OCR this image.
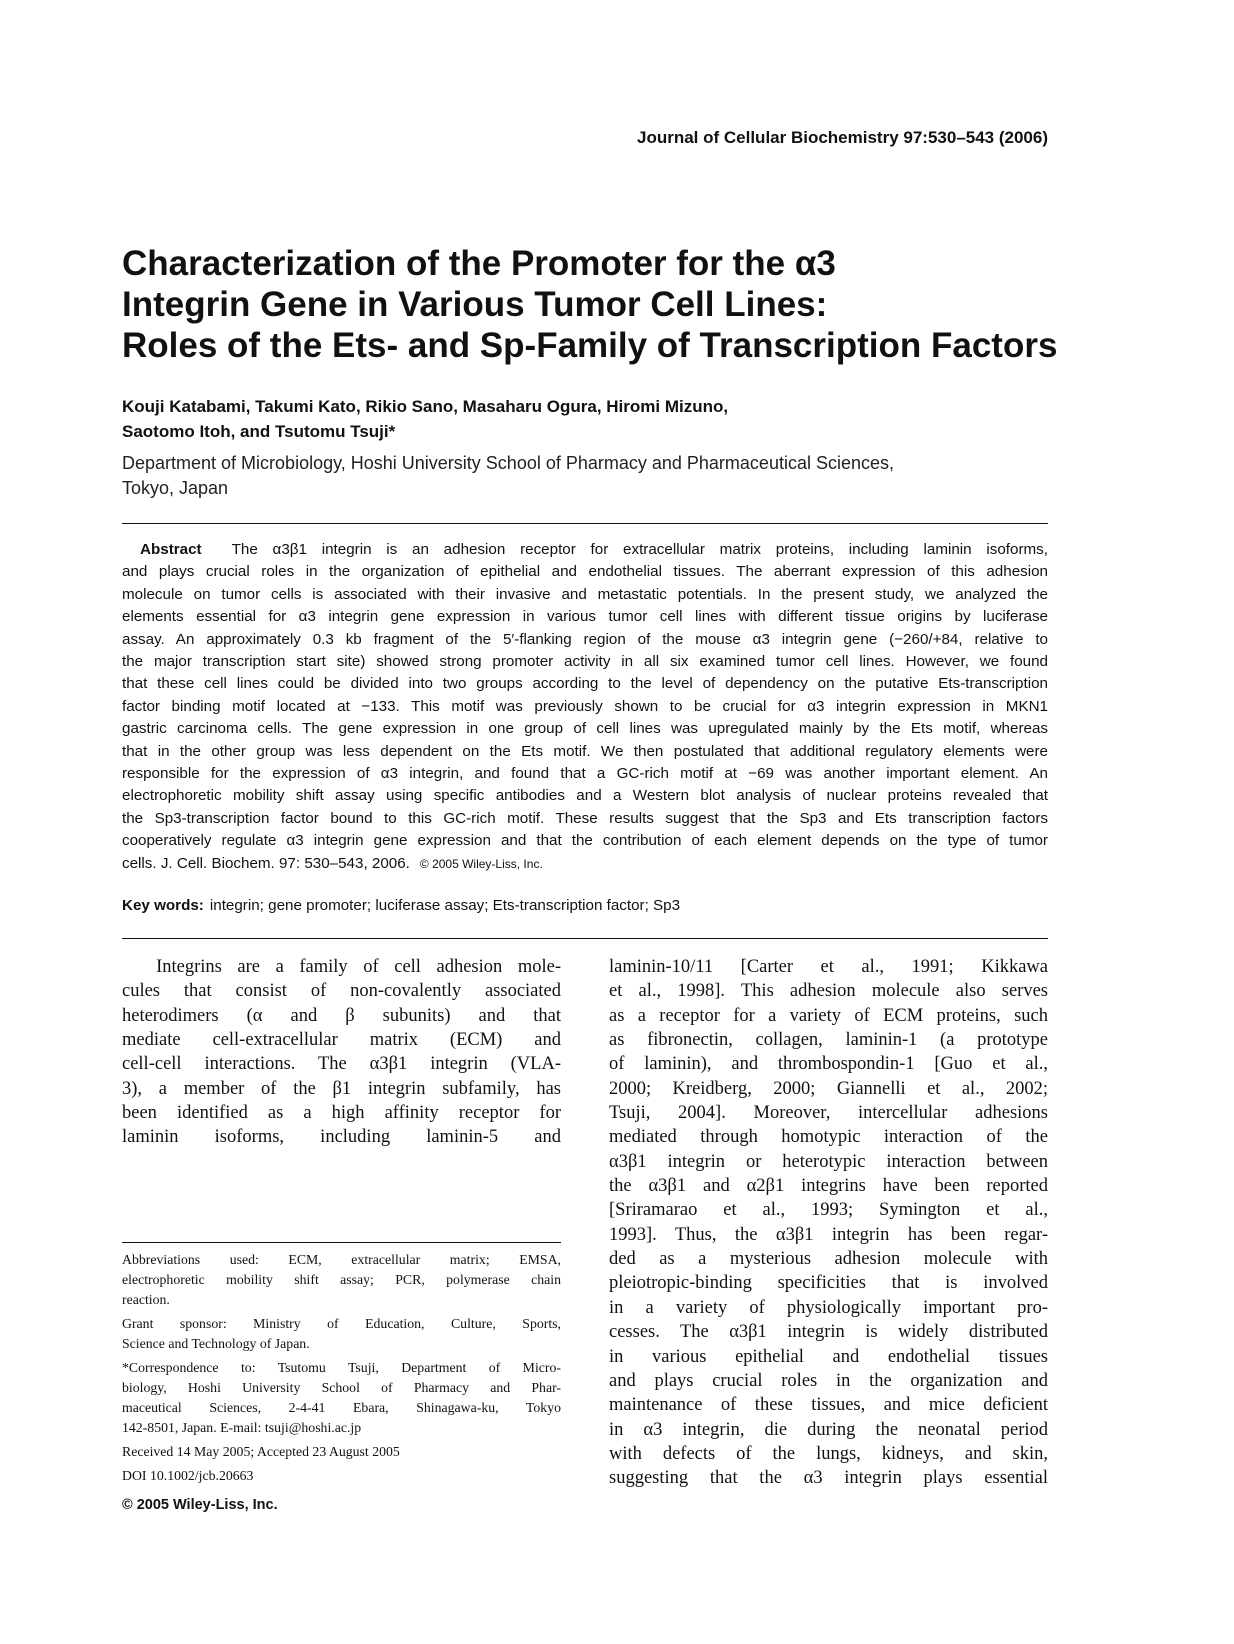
Journal of Cellular Biochemistry 97:530–543 (2006)
Characterization of the Promoter for the α3
Integrin Gene in Various Tumor Cell Lines:
Roles of the Ets- and Sp-Family of Transcription Factors

Kouji Katabami, Takumi Kato, Rikio Sano, Masaharu Ogura, Hiromi Mizuno,
Saotomo Itoh, and Tsutomu Tsuji*

Department of Microbiology, Hoshi University School of Pharmacy and Pharmaceutical Sciences,
Tokyo, Japan

Abstract The α3β1 integrin is an adhesion receptor for extracellular matrix proteins, including laminin isoforms,
and plays crucial roles in the organization of epithelial and endothelial tissues. The aberrant expression of this adhesion
molecule on tumor cells is associated with their invasive and metastatic potentials. In the present study, we analyzed the
elements essential for α3 integrin gene expression in various tumor cell lines with different tissue origins by luciferase
assay. An approximately 0.3 kb fragment of the 5′-flanking region of the mouse α3 integrin gene (−260/+84, relative to
the major transcription start site) showed strong promoter activity in all six examined tumor cell lines. However, we found
that these cell lines could be divided into two groups according to the level of dependency on the putative Ets-transcription
factor binding motif located at −133. This motif was previously shown to be crucial for α3 integrin expression in MKN1
gastric carcinoma cells. The gene expression in one group of cell lines was upregulated mainly by the Ets motif, whereas
that in the other group was less dependent on the Ets motif. We then postulated that additional regulatory elements were
responsible for the expression of α3 integrin, and found that a GC-rich motif at −69 was another important element. An
electrophoretic mobility shift assay using specific antibodies and a Western blot analysis of nuclear proteins revealed that
the Sp3-transcription factor bound to this GC-rich motif. These results suggest that the Sp3 and Ets transcription factors
cooperatively regulate α3 integrin gene expression and that the contribution of each element depends on the type of tumor
cells. J. Cell. Biochem. 97: 530–543, 2006. © 2005 Wiley-Liss, Inc.

Key words: integrin; gene promoter; luciferase assay; Ets-transcription factor; Sp3

  Integrins are a family of cell adhesion mole-
cules that consist of non-covalently associated
heterodimers (α and β subunits) and that
mediate cell-extracellular matrix (ECM) and
cell-cell interactions. The α3β1 integrin (VLA-
3), a member of the β1 integrin subfamily, has
been identified as a high affinity receptor for
laminin isoforms, including laminin-5 and
laminin-10/11 [Carter et al., 1991; Kikkawa
et al., 1998]. This adhesion molecule also serves
as a receptor for a variety of ECM proteins, such
as fibronectin, collagen, laminin-1 (a prototype
of laminin), and thrombospondin-1 [Guo et al.,
2000; Kreidberg, 2000; Giannelli et al., 2002;
Tsuji, 2004]. Moreover, intercellular adhesions
mediated through homotypic interaction of the
α3β1 integrin or heterotypic interaction between
the α3β1 and α2β1 integrins have been reported
[Sriramarao et al., 1993; Symington et al.,
1993]. Thus, the α3β1 integrin has been regar-
ded as a mysterious adhesion molecule with
pleiotropic-binding specificities that is involved
in a variety of physiologically important pro-
cesses. The α3β1 integrin is widely distributed
in various epithelial and endothelial tissues
and plays crucial roles in the organization and
maintenance of these tissues, and mice deficient
in α3 integrin, die during the neonatal period
with defects of the lungs, kidneys, and skin,
suggesting that the α3 integrin plays essential
Abbreviations used: ECM, extracellular matrix; EMSA,
electrophoretic mobility shift assay; PCR, polymerase chain
reaction.
Grant sponsor: Ministry of Education, Culture, Sports,
Science and Technology of Japan.
*Correspondence to: Tsutomu Tsuji, Department of Micro-
biology, Hoshi University School of Pharmacy and Phar-
maceutical Sciences, 2-4-41 Ebara, Shinagawa-ku, Tokyo
142-8501, Japan. E-mail: tsuji@hoshi.ac.jp
Received 14 May 2005; Accepted 23 August 2005
DOI 10.1002/jcb.20663
© 2005 Wiley-Liss, Inc.
